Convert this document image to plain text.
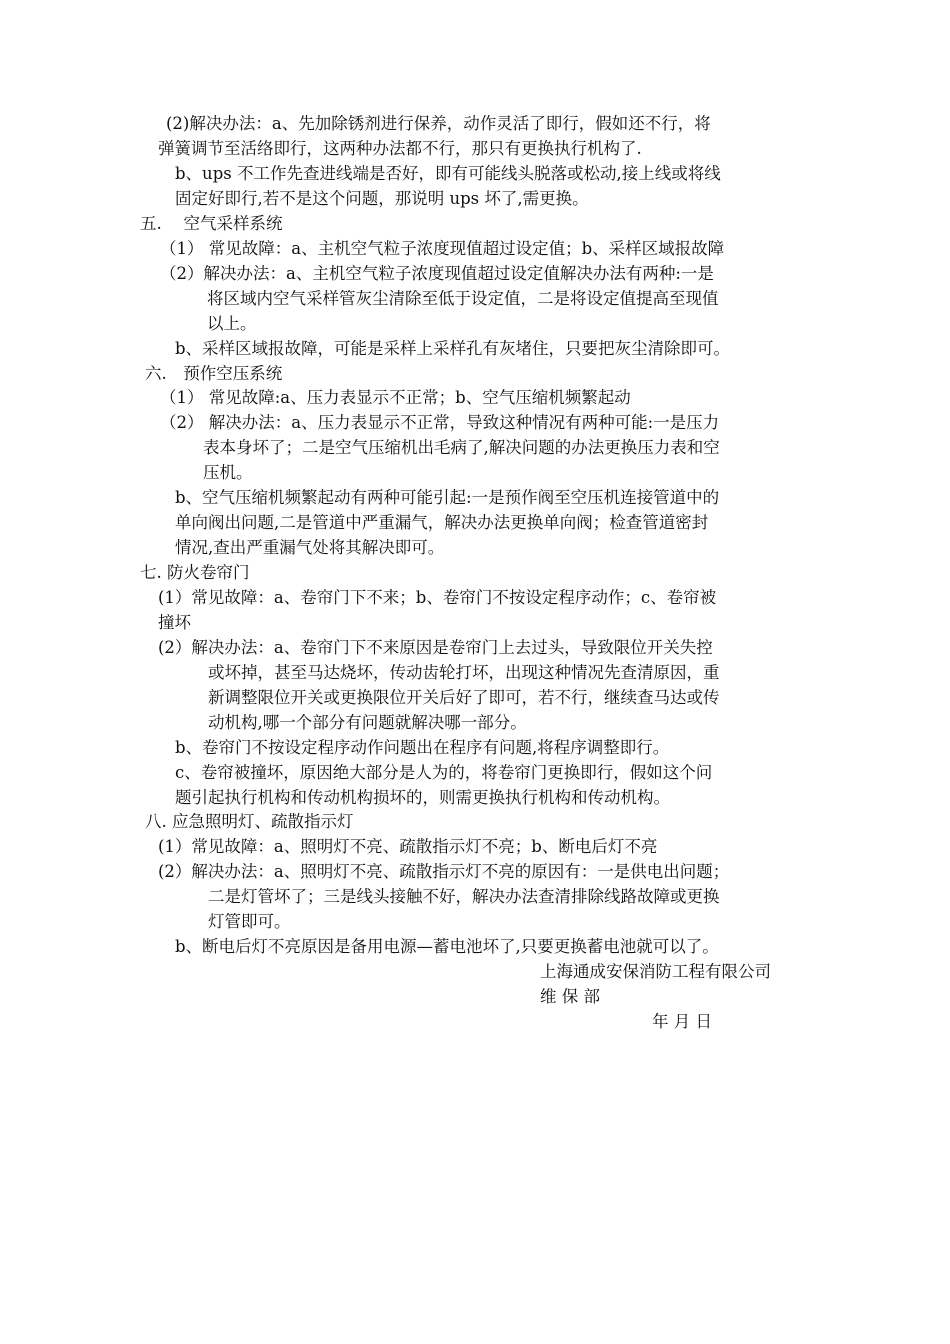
(2)解决办法：a、先加除锈剂进行保养，动作灵活了即行，假如还不行，将
弹簧调节至活络即行，这两种办法都不行，那只有更换执行机构了.
b、ups 不工作先查进线端是否好，即有可能线头脱落或松动,接上线或将线
固定好即行,若不是这个问题，那说明 ups 坏了,需更换。
五.　 空气采样系统
（1） 常见故障：a、主机空气粒子浓度现值超过设定值；b、采样区域报故障
（2）解决办法：a、主机空气粒子浓度现值超过设定值解决办法有两种:一是
将区域内空气采样管灰尘清除至低于设定值，二是将设定值提高至现值
以上。
b、采样区域报故障，可能是采样上采样孔有灰堵住，只要把灰尘清除即可。
六.　预作空压系统
（1） 常见故障:a、压力表显示不正常；b、空气压缩机频繁起动
（2） 解决办法：a、压力表显示不正常，导致这种情况有两种可能:一是压力
表本身坏了；二是空气压缩机出毛病了,解决问题的办法更换压力表和空
压机。
b、空气压缩机频繁起动有两种可能引起:一是预作阀至空压机连接管道中的
单向阀出问题,二是管道中严重漏气，解决办法更换单向阀；检查管道密封
情况,查出严重漏气处将其解决即可。
七. 防火卷帘门
(1）常见故障：a、卷帘门下不来；b、卷帘门不按设定程序动作；c、卷帘被
撞坏
(2）解决办法：a、卷帘门下不来原因是卷帘门上去过头，导致限位开关失控
或坏掉，甚至马达烧坏，传动齿轮打坏，出现这种情况先查清原因，重
新调整限位开关或更换限位开关后好了即可，若不行，继续查马达或传
动机构,哪一个部分有问题就解决哪一部分。
b、卷帘门不按设定程序动作问题出在程序有问题,将程序调整即行。
c、卷帘被撞坏，原因绝大部分是人为的，将卷帘门更换即行，假如这个问
题引起执行机构和传动机构损坏的，则需更换执行机构和传动机构。
八. 应急照明灯、疏散指示灯
(1）常见故障：a、照明灯不亮、疏散指示灯不亮；b、断电后灯不亮
(2）解决办法：a、照明灯不亮、疏散指示灯不亮的原因有：一是供电出问题；
二是灯管坏了；三是线头接触不好，解决办法查清排除线路故障或更换
灯管即可。
b、断电后灯不亮原因是备用电源—蓄电池坏了,只要更换蓄电池就可以了。
上海通成安保消防工程有限公司
维 保 部
年 月 日
